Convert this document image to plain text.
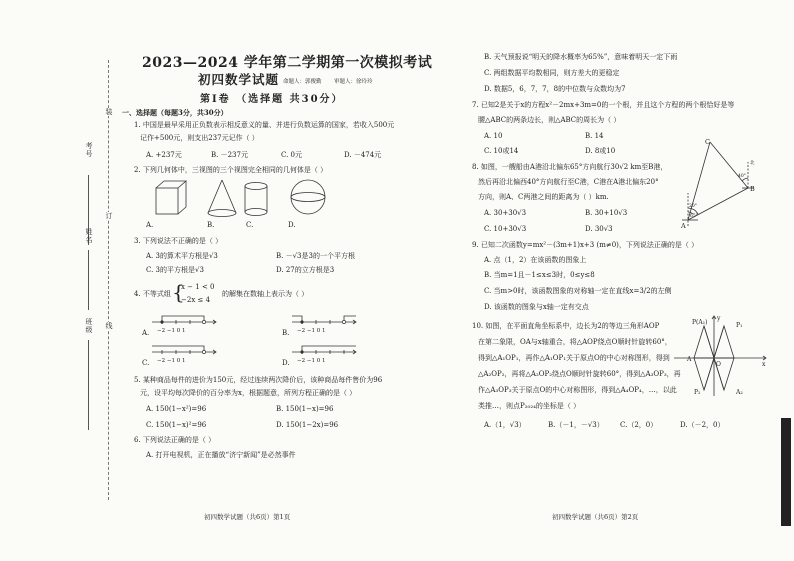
装
订
线
考号
姓名
班级
2023—2024 学年第二学期第一次模拟考试
初四数学试题 命题人：郭俊勤 审题人：徐玲玲
第Ⅰ卷 （选择题 共30分）
一、选择题（每题3分，共30分）
1. 中国是最早采用正负数表示相反意义的量、并进行负数运算的国家，若收入500元
记作+500元，则支出237元记作（ ）
A. +237元	B. －237元	C. 0元	D. －474元
2. 下列几何体中，三视图的三个视图完全相同的几何体是（ ）
A.	B.	C.	D.
3. 下列说法不正确的是（ ）
A. 3的算术平方根是√3	B. －√3是3的一个平方根
C. 3的平方根是√3	D. 27的立方根是3
4. 不等式组 {
x − 1 < 0
−2x ≤ 4
的解集在数轴上表示为（ ）
−2 −1 0 1
A.	−2 −1 0 1
B.
−2 −1 0 1
C.	−2 −1 0 1
D.
5. 某种商品每件的进价为150元，经过连续两次降价后，该种商品每件售价为96
元，设平均每次降价的百分率为x，根据题意，所列方程正确的是（ ）
A. 150(1−x²)=96	B. 150(1−x)=96
C. 150(1−x)²=96	D. 150(1−2x)=96
6. 下列说法正确的是（ ）
A. 打开电视机，正在播放“济宁新闻”是必然事件
初四数学试题（共6页）第1页
B. 天气预报说“明天的降水概率为65%”，意味着明天一定下雨
C. 两组数据平均数相同，则方差大的更稳定
D. 数据5，6，7，7，8的中位数与众数均为7
7. 已知2是关于x的方程x²－2mx+3m=0的一个根，并且这个方程的两个根恰好是等
腰△ABC的两条边长，则△ABC的周长为（ ）
A. 10	B. 14
C. 10或14	D. 8或10
8. 如图，一艘船由A港沿北偏东65°方向航行30√2 km至B港，
然后再沿北偏西40°方向航行至C港，C港在A港北偏东20°
方向，则A、C两港之间的距离为（ ）km.
A. 30+30√3	B. 30+10√3
C. 10+30√3	D. 30√3
C
B
A
40°
20°
65°
北
9. 已知二次函数y=mx²－(3m+1)x+3 (m≠0)，下列说法正确的是（ ）
A. 点（1，2）在该函数的图象上
B. 当m=1且－1≤x≤3时，0≤y≤8
C. 当m>0时，该函数图象的对称轴一定在直线x=3/2的左侧
D. 该函数的图象与x轴一定有交点
10. 如图，在平面直角坐标系中，边长为2的等边三角形AOP
在第二象限，OA与x轴重合，将△AOP绕点O顺时针旋转60°，
得到△A₁OP₁，再作△A₁OP₁关于原点O的中心对称图形，得到
△A₂OP₂，再将△A₂OP₂绕点O顺时针旋转60°，得到△A₃OP₃，再
作△A₃OP₃关于原点O的中心对称图形，得到△A₄OP₄，…，以此
类推…，则点P₂₀₂₄的坐标是（ ）
A.（1，√3）	B.（－1，－√3） C.（2，0）	D.（－2，0）
P(A₁)	P₁
y
A
O	x
P₂	A₂
初四数学试题（共6页）第2页
